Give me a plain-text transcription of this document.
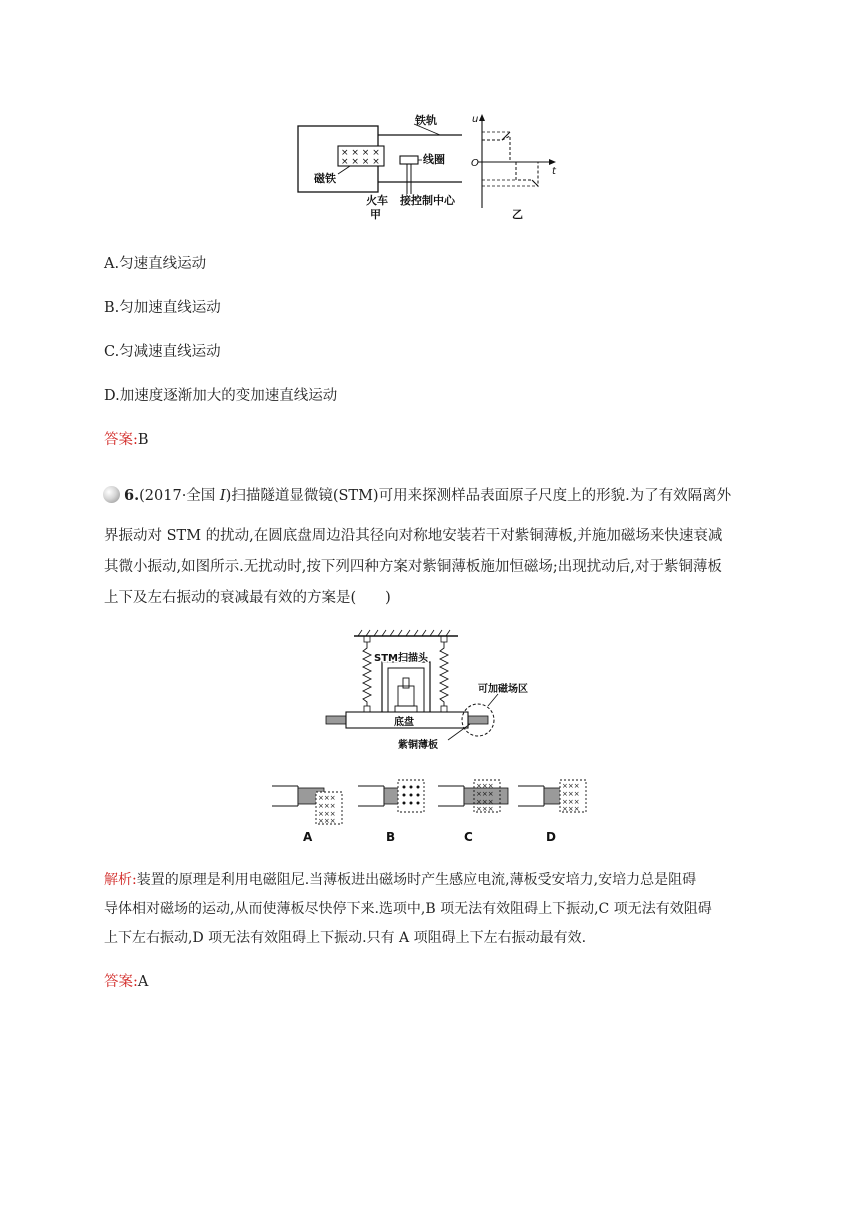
× × × ×
× × × ×
铁轨
线圈
磁铁
火车 接控制中心
甲
u
t
O
乙
A.匀速直线运动
B.匀加速直线运动
C.匀减速直线运动
D.加速度逐渐加大的变加速直线运动
答案:B
6.(2017·全国 Ⅰ)扫描隧道显微镜(STM)可用来探测样品表面原子尺度上的形貌.为了有效隔离外
界振动对 STM 的扰动,在圆底盘周边沿其径向对称地安装若干对紫铜薄板,并施加磁场来快速衰减
其微小振动,如图所示.无扰动时,按下列四种方案对紫铜薄板施加恒磁场;出现扰动后,对于紫铜薄板
上下及左右振动的衰减最有效的方案是(　　)
STM扫描头
底盘
可加磁场区
紫铜薄板
×××
×××
×××
×××
×××
×××
×××
×××
×××
×××
×××
×××
A	B	C	D
解析:装置的原理是利用电磁阻尼.当薄板进出磁场时产生感应电流,薄板受安培力,安培力总是阻碍
导体相对磁场的运动,从而使薄板尽快停下来.选项中,B 项无法有效阻碍上下振动,C 项无法有效阻碍
上下左右振动,D 项无法有效阻碍上下振动.只有 A 项阻碍上下左右振动最有效.
答案:A
